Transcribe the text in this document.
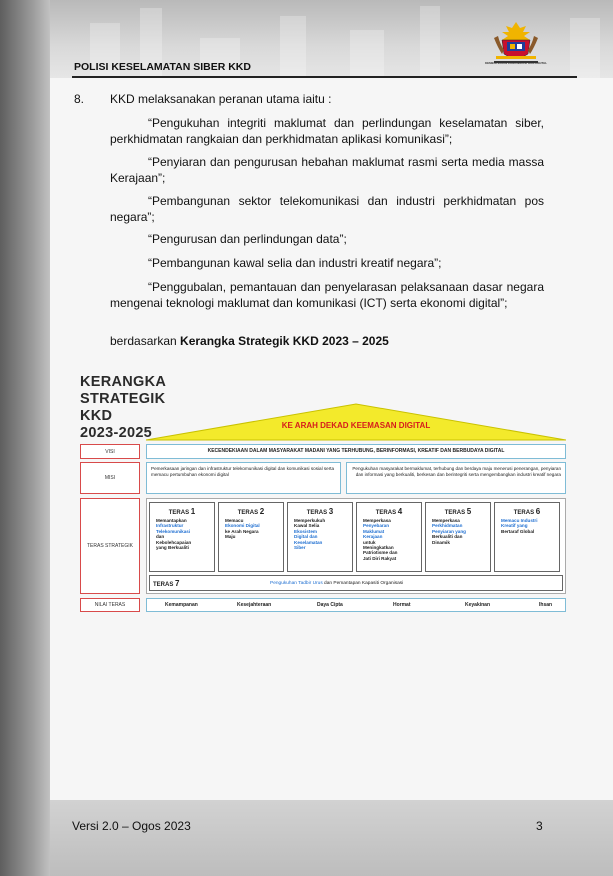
POLISI KESELAMATAN SIBER KKD	KEMENTERIAN KOMUNIKASI DAN DIGITAL
8. KKD melaksanakan peranan utama iaitu :
“Pengukuhan integriti maklumat dan perlindungan keselamatan siber, perkhidmatan rangkaian dan perkhidmatan aplikasi komunikasi”;
“Penyiaran dan pengurusan hebahan maklumat rasmi serta media massa Kerajaan”;
“Pembangunan sektor telekomunikasi dan industri perkhidmatan pos negara”;
“Pengurusan dan perlindungan data”;
“Pembangunan kawal selia dan industri kreatif negara”;
“Penggubalan, pemantauan dan penyelarasan pelaksanaan dasar negara mengenai teknologi maklumat dan komunikasi (ICT) serta ekonomi digital”;
berdasarkan Kerangka Strategik KKD 2023 – 2025
KERANGKA
STRATEGIK KKD
2023-2025	KE ARAH DEKAD KEEMASAN DIGITAL
VISI	KECENDEKIAAN DALAM MASYARAKAT MADANI YANG TERHUBUNG, BERINFORMASI, KREATIF DAN BERBUDAYA DIGITAL
MISI
Pemerkasaan jaringan dan infrastruktur telekomunikasi digital dan komunikasi sosial serta memacu pertumbuhan ekonomi digital
Pengukuhan masyarakat bermaklumat, terhubung dan berdaya maju menerusi penerangan, penyiaran dan informasi yang berkualiti, berkesan dan berintegriti serta mengembangkan industri kreatif negara
TERAS STRATEGIK
TERAS 1
Memantapkan
Infrastruktur
Telekomunikasi
dan
Kebolehcapaian
yang Berkualiti
TERAS 2
Memacu
Ekonomi Digital
ke Arah Negara
Maju
TERAS 3
Memperkukuh
Kawal Selia
Ekosistem
Digital dan
Keselamatan
Siber
TERAS 4
Memperkasa
Penyebaran
Maklumat
Kerajaan
untuk
Meningkatkan
Patriotisme dan
Jati Diri Rakyat
TERAS 5
Memperkasa
Perkhidmatan
Penyiaran yang
Berkualiti dan
Dinamik
TERAS 6
Memacu Industri
Kreatif yang
Bertaraf Global
TERAS 7	Pengukuhan Tadbir Urus dan Pemantapan Kapasiti Organisasi
NILAI TERAS	Kemampanan	Kesejahteraan	Daya Cipta	Hormat	Keyakinan	Ihsan
Versi 2.0 – Ogos 2023	3
